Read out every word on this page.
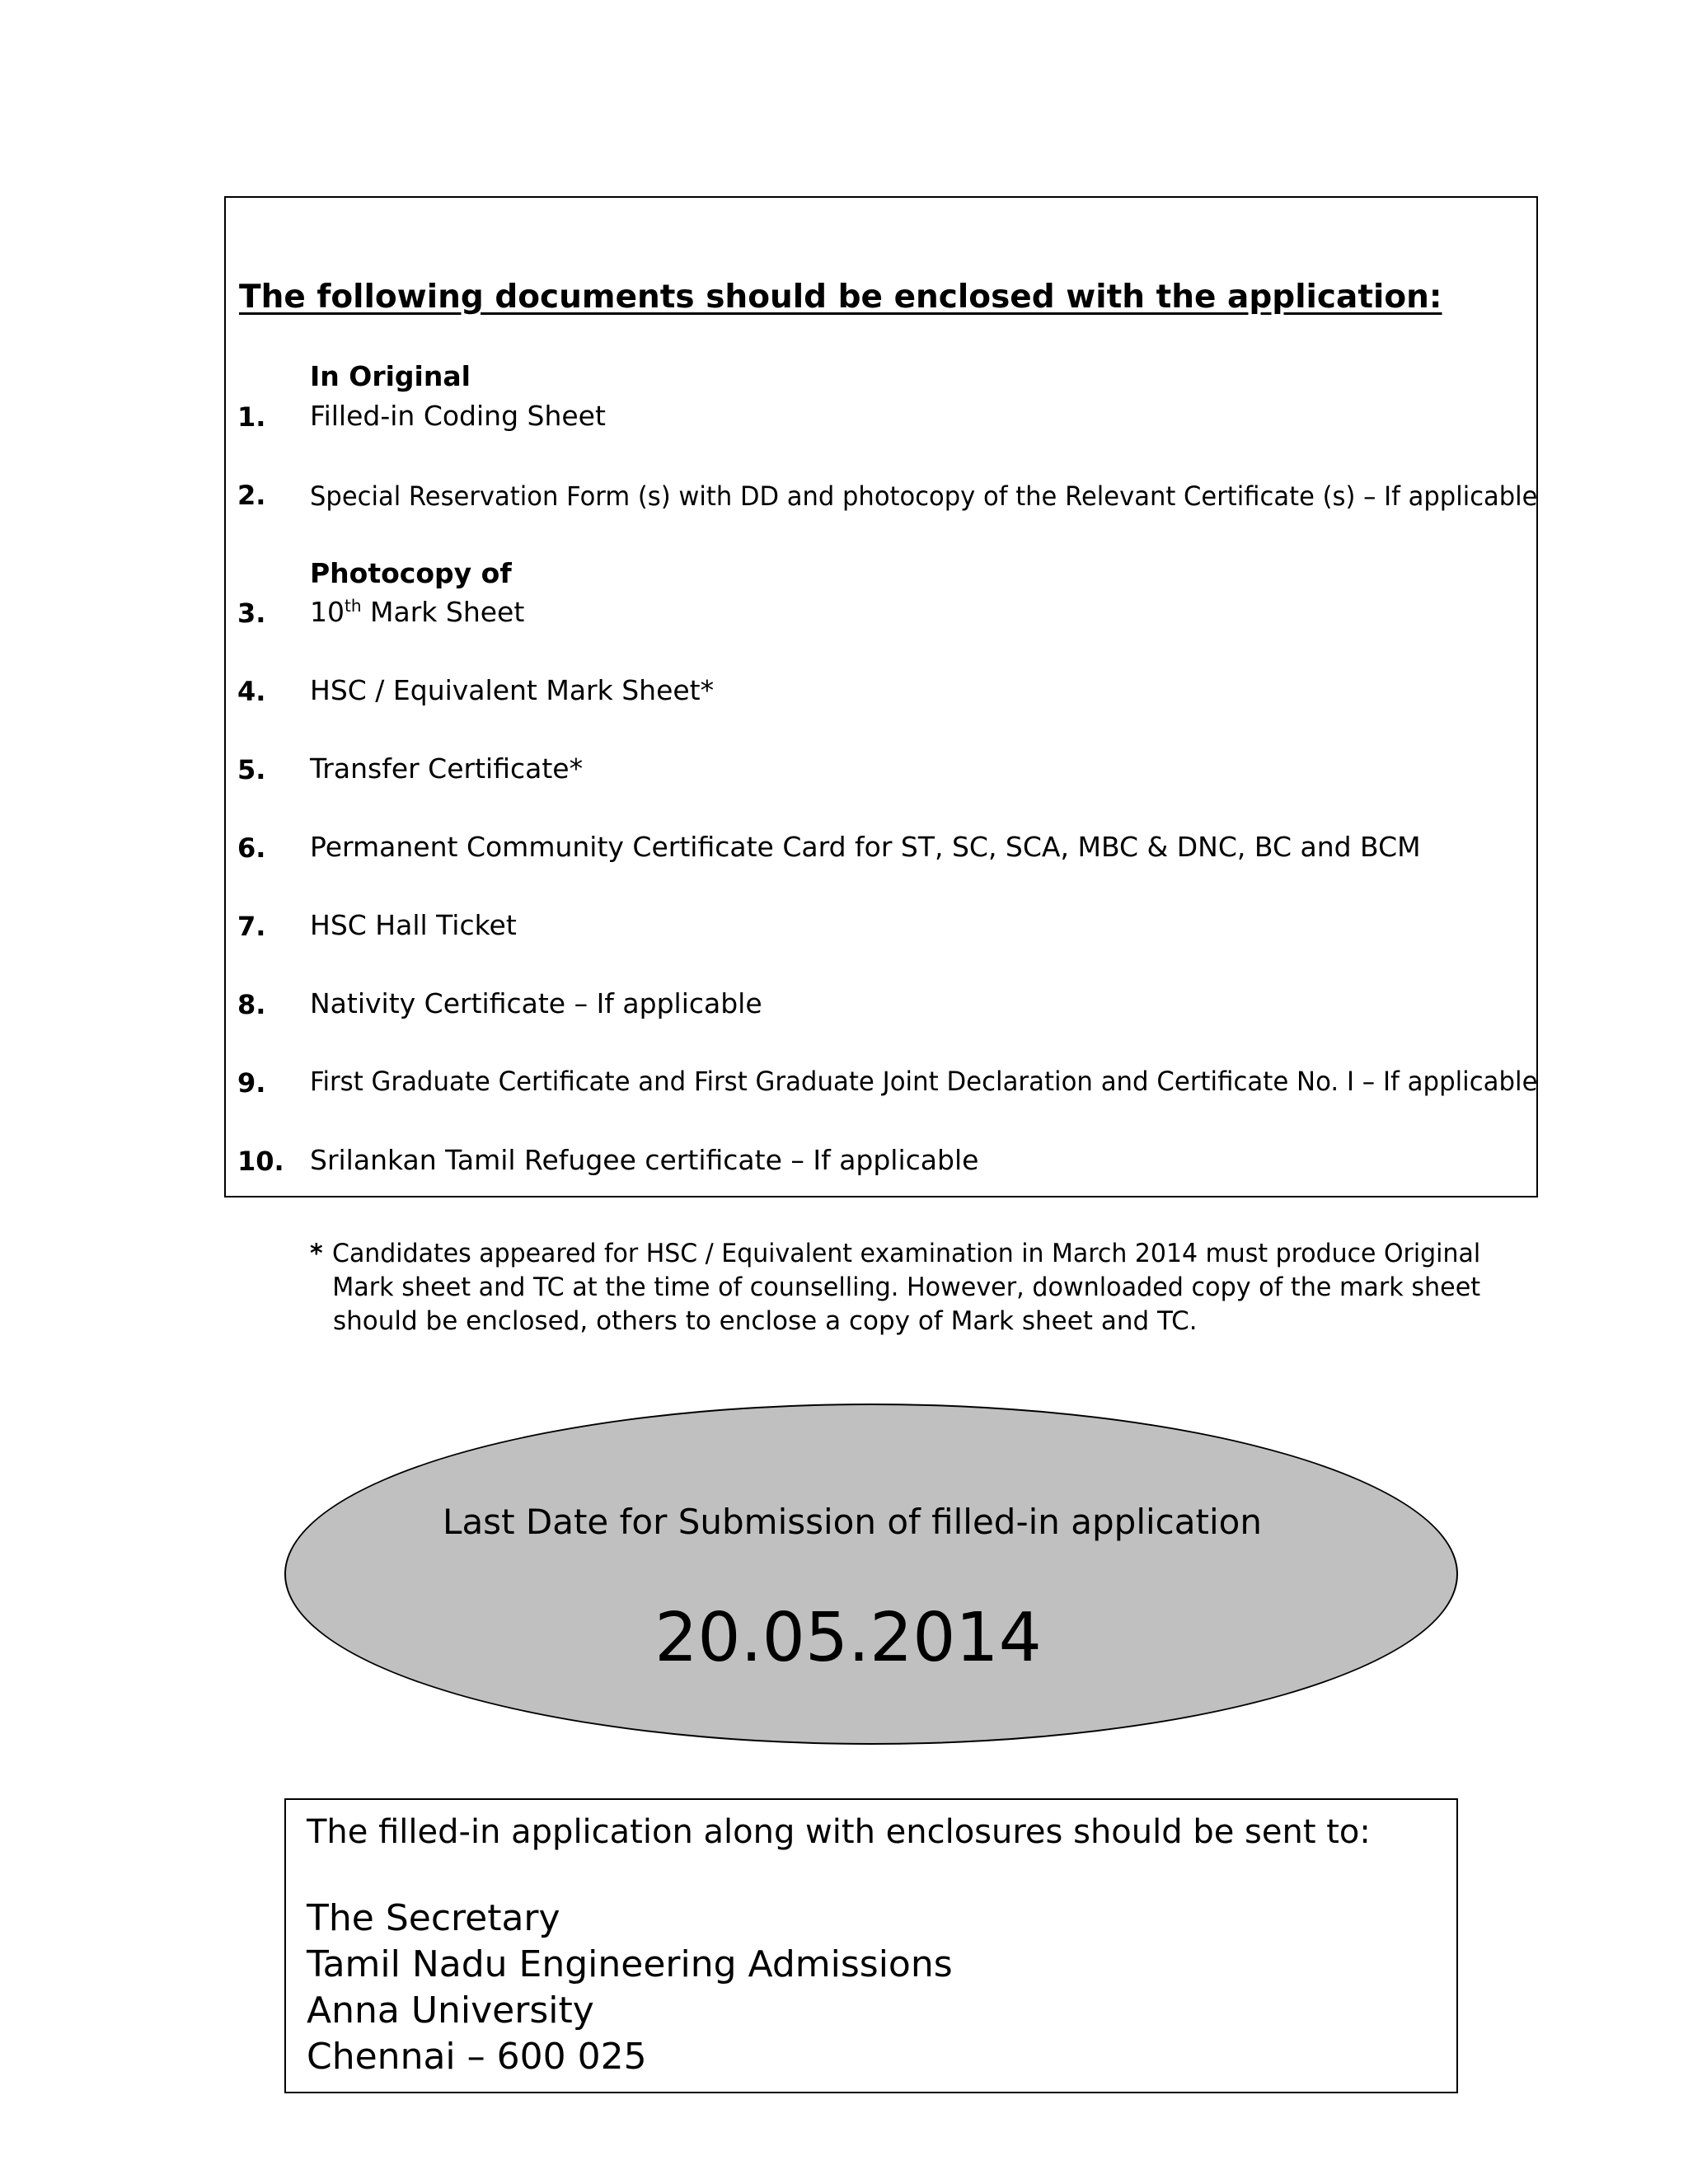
The following documents should be enclosed with the application:
In Original
1. Filled-in Coding Sheet
2. Special Reservation Form (s) with DD and photocopy of the Relevant Certificate (s) – If applicable
Photocopy of
3. 10th Mark Sheet
4. HSC / Equivalent Mark Sheet*
5. Transfer Certificate*
6. Permanent Community Certificate Card for ST, SC, SCA, MBC & DNC, BC and BCM
7. HSC Hall Ticket
8. Nativity Certificate – If applicable
9. First Graduate Certificate and First Graduate Joint Declaration and Certificate No. I – If applicable
10. Srilankan Tamil Refugee certificate – If applicable
* Candidates appeared for HSC / Equivalent examination in March 2014 must produce Original
Mark sheet and TC at the time of counselling. However, downloaded copy of the mark sheet
should be enclosed, others to enclose a copy of Mark sheet and TC.
Last Date for Submission of filled-in application
20.05.2014
The filled-in application along with enclosures should be sent to:
The Secretary
Tamil Nadu Engineering Admissions
Anna University
Chennai – 600 025
